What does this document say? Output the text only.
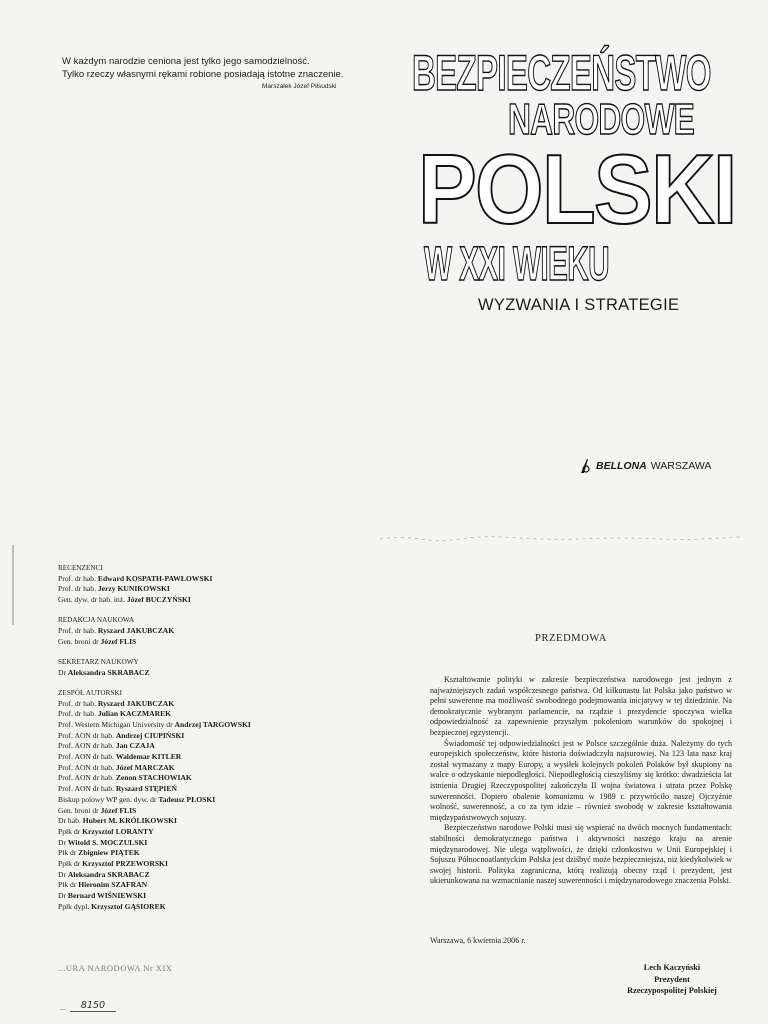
W każdym narodzie ceniona jest tylko jego samodzielność.
Tylko rzeczy własnymi rękami robione posiadają istotne znaczenie.
Marszałek Józef Piłsudski	BEZPIECZEŃSTWO
NARODOWE
POLSKI
W XXI WIEKU
WYZWANIA I STRATEGIE
BELLONA WARSZAWA
RECENZENCI
Prof. dr hab. Edward KOSPATH-PAWŁOWSKI
Prof. dr hab. Jerzy KUNIKOWSKI
Gen. dyw. dr hab. inż. Józef BUCZYŃSKI
REDAKCJA NAUKOWA
Prof. dr hab. Ryszard JAKUBCZAK
Gen. broni dr Józef FLIS
SEKRETARZ NAUKOWY
Dr Aleksandra SKRABACZ
ZESPÓŁ AUTORSKI
Prof. dr hab. Ryszard JAKUBCZAK
Prof. dr hab. Julian KACZMAREK
Prof. Western Michigan University dr Andrzej TARGOWSKI
Prof. AON dr hab. Andrzej CIUPIŃSKI
Prof. AON dr hab. Jan CZAJA
Prof. AON dr hab. Waldemar KITLER
Prof. AON dr hab. Józef MARCZAK
Prof. AON dr hab. Zenon STACHOWIAK
Prof. AON dr hab. Ryszard STĘPIEŃ
Biskup polowy WP gen. dyw. dr Tadeusz PŁOSKI
Gen. broni dr Józef FLIS
Dr hab. Hubert M. KRÓLIKOWSKI
Ppłk dr Krzysztof LORANTY
Dr Witold S. MOCZULSKI
Płk dr Zbigniew PIĄTEK
Ppłk dr Krzysztof PRZEWORSKI
Dr Aleksandra SKRABACZ
Płk dr Hieronim SZAFRAN
Dr Bernard WIŚNIEWSKI
Ppłk dypl. Krzysztof GĄSIOREK
...URA NARODOWA Nr XIX
...	8150
PRZEDMOWA

Kształtowanie polityki w zakresie bezpieczeństwa narodowego jest jednym z najważniejszych zadań współczesnego państwa. Od kilkunastu lat Polska jako państwo w pełni suwerenne ma możliwość swobodnego podejmowania inicjatywy w tej dziedzinie. Na demokratycznie wybranym parlamencie, na rządzie i prezydencie spoczywa wielka odpowiedzialność za zapewnienie przyszłym pokoleniom warunków do spokojnej i bezpiecznej egzystencji.

Świadomość tej odpowiedzialności jest w Polsce szczególnie duża. Należymy do tych europejskich społeczeństw, które historia doświadczyła najsurowiej. Na 123 lata nasz kraj został wymazany z mapy Europy, a wysiłek kolejnych pokoleń Polaków był skupiony na walce o odzyskanie niepodległości. Niepodległością cieszyliśmy się krótko: dwadzieścia lat istnienia Drugiej Rzeczypospolitej zakończyła II wojna światowa i utrata przez Polskę suwerenności. Dopiero obalenie komunizmu w 1989 r. przywróciło naszej Ojczyźnie wolność, suwerenność, a co za tym idzie – również swobodę w zakresie kształtowania międzypaństwowych sojuszy.

Bezpieczeństwo narodowe Polski musi się wspierać na dwóch mocnych fundamentach: stabilności demokratycznego państwa i aktywności naszego kraju na arenie międzynarodowej. Nie ulega wątpliwości, że dzięki członkostwu w Unii Europejskiej i Sojuszu Północnoatlantyckim Polska jest dziśbyć może bezpieczniejsza, niż kiedykolwiek w swojej historii. Polityka zagraniczna, którą realizują obecny rząd i prezydent, jest ukierunkowana na wzmacnianie naszej suwerenności i międzynarodowego znaczenia Polski.

Warszawa, 6 kwietnia 2006 r.
Lech Kaczyński
Prezydent
Rzeczypospolitej Polskiej
